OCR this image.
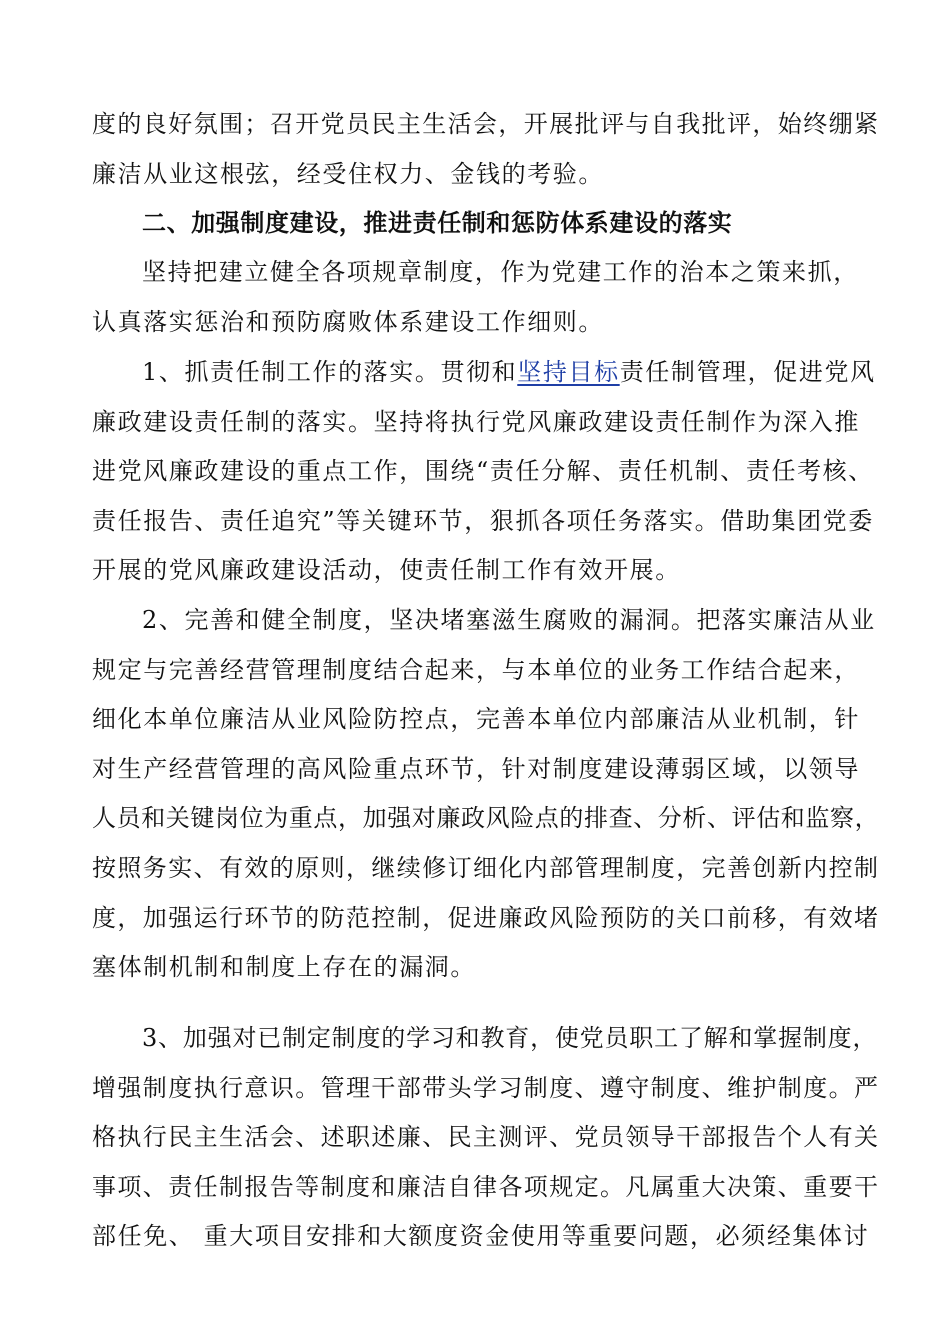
度的良好氛围；召开党员民主生活会，开展批评与自我批评，始终绷紧
廉洁从业这根弦，经受住权力、金钱的考验。
二、加强制度建设，推进责任制和惩防体系建设的落实
坚持把建立健全各项规章制度，作为党建工作的治本之策来抓，
认真落实惩治和预防腐败体系建设工作细则。
1、抓责任制工作的落实。贯彻和坚持目标责任制管理，促进党风
廉政建设责任制的落实。坚持将执行党风廉政建设责任制作为深入推
进党风廉政建设的重点工作，围绕“责任分解、责任机制、责任考核、
责任报告、责任追究”等关键环节，狠抓各项任务落实。借助集团党委
开展的党风廉政建设活动，使责任制工作有效开展。
2、完善和健全制度，坚决堵塞滋生腐败的漏洞。把落实廉洁从业
规定与完善经营管理制度结合起来，与本单位的业务工作结合起来，
细化本单位廉洁从业风险防控点，完善本单位内部廉洁从业机制，针
对生产经营管理的高风险重点环节，针对制度建设薄弱区域，以领导
人员和关键岗位为重点，加强对廉政风险点的排查、分析、评估和监察，
按照务实、有效的原则，继续修订细化内部管理制度，完善创新内控制
度，加强运行环节的防范控制，促进廉政风险预防的关口前移，有效堵
塞体制机制和制度上存在的漏洞。
3、加强对已制定制度的学习和教育，使党员职工了解和掌握制度，
增强制度执行意识。管理干部带头学习制度、遵守制度、维护制度。严
格执行民主生活会、述职述廉、民主测评、党员领导干部报告个人有关
事项、责任制报告等制度和廉洁自律各项规定。凡属重大决策、重要干
部任免、 重大项目安排和大额度资金使用等重要问题，必须经集体讨
